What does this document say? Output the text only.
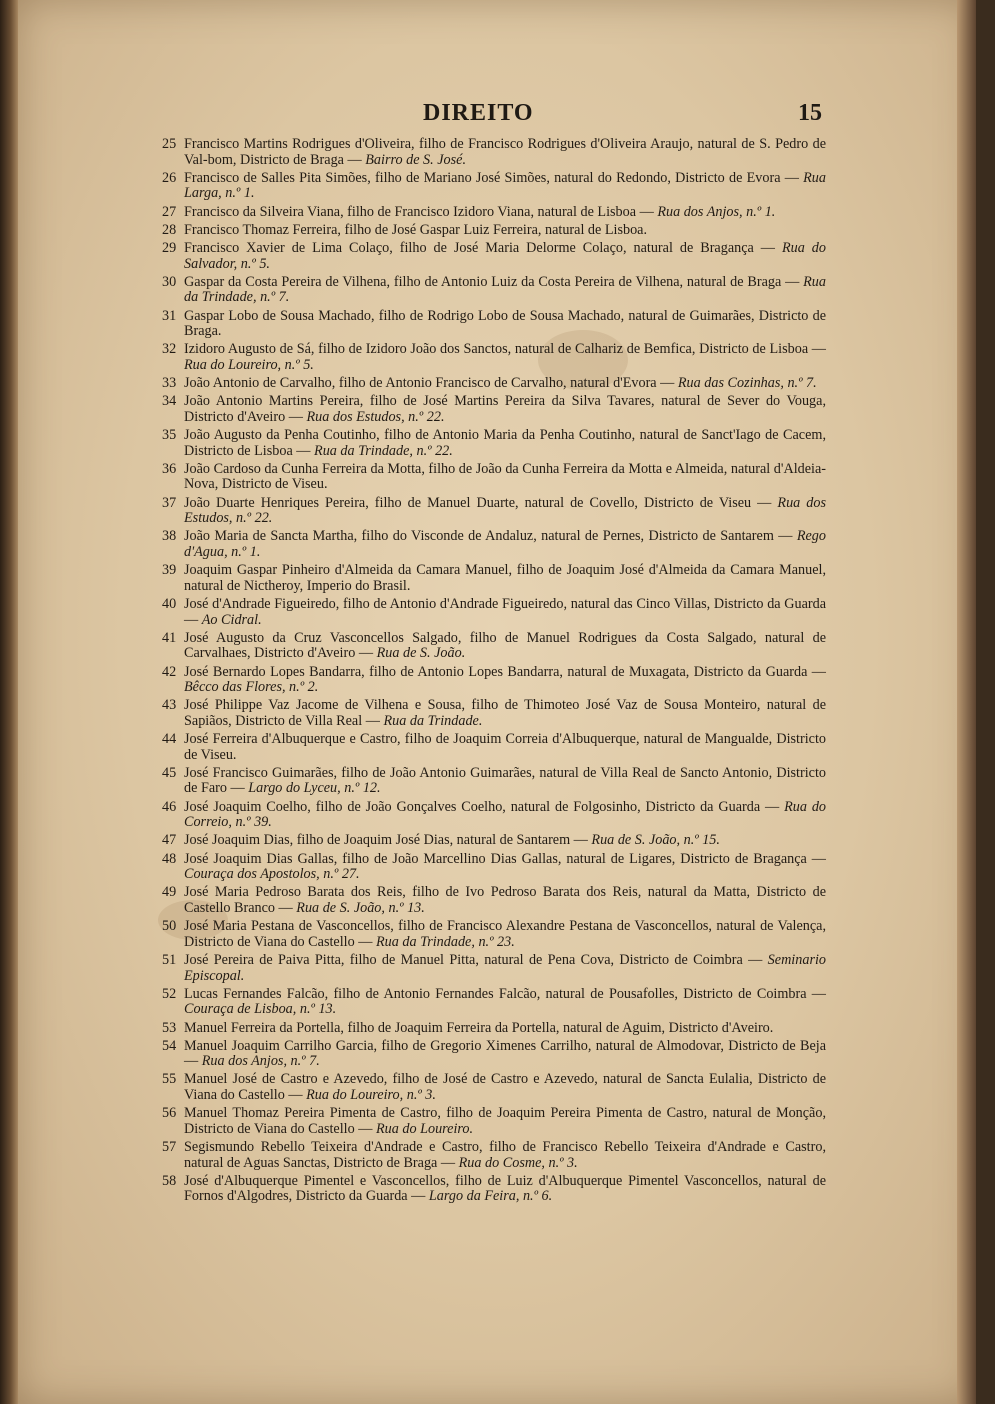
DIREITO	15
25 Francisco Martins Rodrigues d'Oliveira, filho de Francisco Rodrigues d'Oliveira Araujo, natural de S. Pedro de Val-bom, Districto de Braga — Bairro de S. José.
26 Francisco de Salles Pita Simões, filho de Mariano José Simões, natural do Redondo, Districto de Evora — Rua Larga, n.º 1.
27 Francisco da Silveira Viana, filho de Francisco Izidoro Viana, natural de Lisboa — Rua dos Anjos, n.º 1.
28 Francisco Thomaz Ferreira, filho de José Gaspar Luiz Ferreira, natural de Lisboa.
29 Francisco Xavier de Lima Colaço, filho de José Maria Delorme Colaço, natural de Bragança — Rua do Salvador, n.º 5.
30 Gaspar da Costa Pereira de Vilhena, filho de Antonio Luiz da Costa Pereira de Vilhena, natural de Braga — Rua da Trindade, n.º 7.
31 Gaspar Lobo de Sousa Machado, filho de Rodrigo Lobo de Sousa Machado, natural de Guimarães, Districto de Braga.
32 Izidoro Augusto de Sá, filho de Izidoro João dos Sanctos, natural de Calhariz de Bemfica, Districto de Lisboa — Rua do Loureiro, n.º 5.
33 João Antonio de Carvalho, filho de Antonio Francisco de Carvalho, natural d'Evora — Rua das Cozinhas, n.º 7.
34 João Antonio Martins Pereira, filho de José Martins Pereira da Silva Tavares, natural de Sever do Vouga, Districto d'Aveiro — Rua dos Estudos, n.º 22.
35 João Augusto da Penha Coutinho, filho de Antonio Maria da Penha Coutinho, natural de Sanct'Iago de Cacem, Districto de Lisboa — Rua da Trindade, n.º 22.
36 João Cardoso da Cunha Ferreira da Motta, filho de João da Cunha Ferreira da Motta e Almeida, natural d'Aldeia-Nova, Districto de Viseu.
37 João Duarte Henriques Pereira, filho de Manuel Duarte, natural de Covello, Districto de Viseu — Rua dos Estudos, n.º 22.
38 João Maria de Sancta Martha, filho do Visconde de Andaluz, natural de Pernes, Districto de Santarem — Rego d'Agua, n.º 1.
39 Joaquim Gaspar Pinheiro d'Almeida da Camara Manuel, filho de Joaquim José d'Almeida da Camara Manuel, natural de Nictheroy, Imperio do Brasil.
40 José d'Andrade Figueiredo, filho de Antonio d'Andrade Figueiredo, natural das Cinco Villas, Districto da Guarda — Ao Cidral.
41 José Augusto da Cruz Vasconcellos Salgado, filho de Manuel Rodrigues da Costa Salgado, natural de Carvalhaes, Districto d'Aveiro — Rua de S. João.
42 José Bernardo Lopes Bandarra, filho de Antonio Lopes Bandarra, natural de Muxagata, Districto da Guarda — Bêcco das Flores, n.º 2.
43 José Philippe Vaz Jacome de Vilhena e Sousa, filho de Thimoteo José Vaz de Sousa Monteiro, natural de Sapiãos, Districto de Villa Real — Rua da Trindade.
44 José Ferreira d'Albuquerque e Castro, filho de Joaquim Correia d'Albuquerque, natural de Mangualde, Districto de Viseu.
45 José Francisco Guimarães, filho de João Antonio Guimarães, natural de Villa Real de Sancto Antonio, Districto de Faro — Largo do Lyceu, n.º 12.
46 José Joaquim Coelho, filho de João Gonçalves Coelho, natural de Folgosinho, Districto da Guarda — Rua do Correio, n.º 39.
47 José Joaquim Dias, filho de Joaquim José Dias, natural de Santarem — Rua de S. João, n.º 15.
48 José Joaquim Dias Gallas, filho de João Marcellino Dias Gallas, natural de Ligares, Districto de Bragança — Couraça dos Apostolos, n.º 27.
49 José Maria Pedroso Barata dos Reis, filho de Ivo Pedroso Barata dos Reis, natural da Matta, Districto de Castello Branco — Rua de S. João, n.º 13.
50 José Maria Pestana de Vasconcellos, filho de Francisco Alexandre Pestana de Vasconcellos, natural de Valença, Districto de Viana do Castello — Rua da Trindade, n.º 23.
51 José Pereira de Paiva Pitta, filho de Manuel Pitta, natural de Pena Cova, Districto de Coimbra — Seminario Episcopal.
52 Lucas Fernandes Falcão, filho de Antonio Fernandes Falcão, natural de Pousafolles, Districto de Coimbra — Couraça de Lisboa, n.º 13.
53 Manuel Ferreira da Portella, filho de Joaquim Ferreira da Portella, natural de Aguim, Districto d'Aveiro.
54 Manuel Joaquim Carrilho Garcia, filho de Gregorio Ximenes Carrilho, natural de Almodovar, Districto de Beja — Rua dos Anjos, n.º 7.
55 Manuel José de Castro e Azevedo, filho de José de Castro e Azevedo, natural de Sancta Eulalia, Districto de Viana do Castello — Rua do Loureiro, n.º 3.
56 Manuel Thomaz Pereira Pimenta de Castro, filho de Joaquim Pereira Pimenta de Castro, natural de Monção, Districto de Viana do Castello — Rua do Loureiro.
57 Segismundo Rebello Teixeira d'Andrade e Castro, filho de Francisco Rebello Teixeira d'Andrade e Castro, natural de Aguas Sanctas, Districto de Braga — Rua do Cosme, n.º 3.
58 José d'Albuquerque Pimentel e Vasconcellos, filho de Luiz d'Albuquerque Pimentel Vasconcellos, natural de Fornos d'Algodres, Districto da Guarda — Largo da Feira, n.º 6.
